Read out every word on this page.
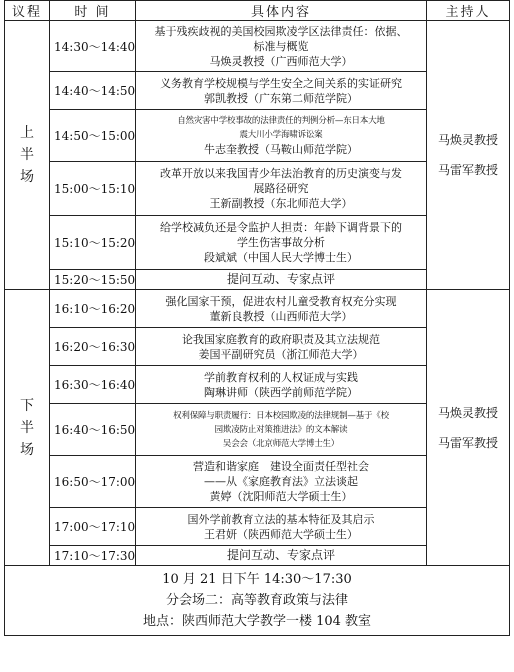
议程	时 间	具体内容	主持人

上
半
场	14:30～14:40	基于残疾歧视的美国校园欺凌学区法律责任：依据、
标准与概览
马焕灵教授（广西师范大学）	马焕灵教授
马雷军教授

	14:40～14:50	义务教育学校规模与学生安全之间关系的实证研究
郭凯教授（广东第二师范学院）	

	14:50～15:00	自然灾害中学校事故的法律责任的判例分析—东日本大地
震大川小学海啸诉讼案
牛志奎教授（马鞍山师范学院）	

	15:00～15:10	改革开放以来我国青少年法治教育的历史演变与发
展路径研究
王新副教授（东北师范大学）	

	15:10～15:20	给学校减负还是令监护人担责：年龄下调背景下的
学生伤害事故分析
段斌斌（中国人民大学博士生）	

	15:20～15:50	提问互动、专家点评	

下
半
场	16:10～16:20	强化国家干预，促进农村儿童受教育权充分实现
董新良教授（山西师范大学）	马焕灵教授
马雷军教授

	16:20～16:30	论我国家庭教育的政府职责及其立法规范
姜国平副研究员（浙江师范大学）	

	16:30～16:40	学前教育权利的人权证成与实践
陶琳讲师（陕西学前师范学院）	

	16:40～16:50	权利保障与职责履行：日本校园欺凌的法律规制—基于《校
园欺凌防止对策推进法》的文本解读
吴会会（北京师范大学博士生）	

	16:50～17:00	营造和谐家庭　建设全面责任型社会
——从《家庭教育法》立法谈起
黄婷（沈阳师范大学硕士生）	

	17:00～17:10	国外学前教育立法的基本特征及其启示
王君妍（陕西师范大学硕士生）	

	17:10～17:30	提问互动、专家点评	

10 月 21 日下午 14:30～17:30
分会场二：高等教育政策与法律
地点：陕西师范大学教学一楼 104 教室			
